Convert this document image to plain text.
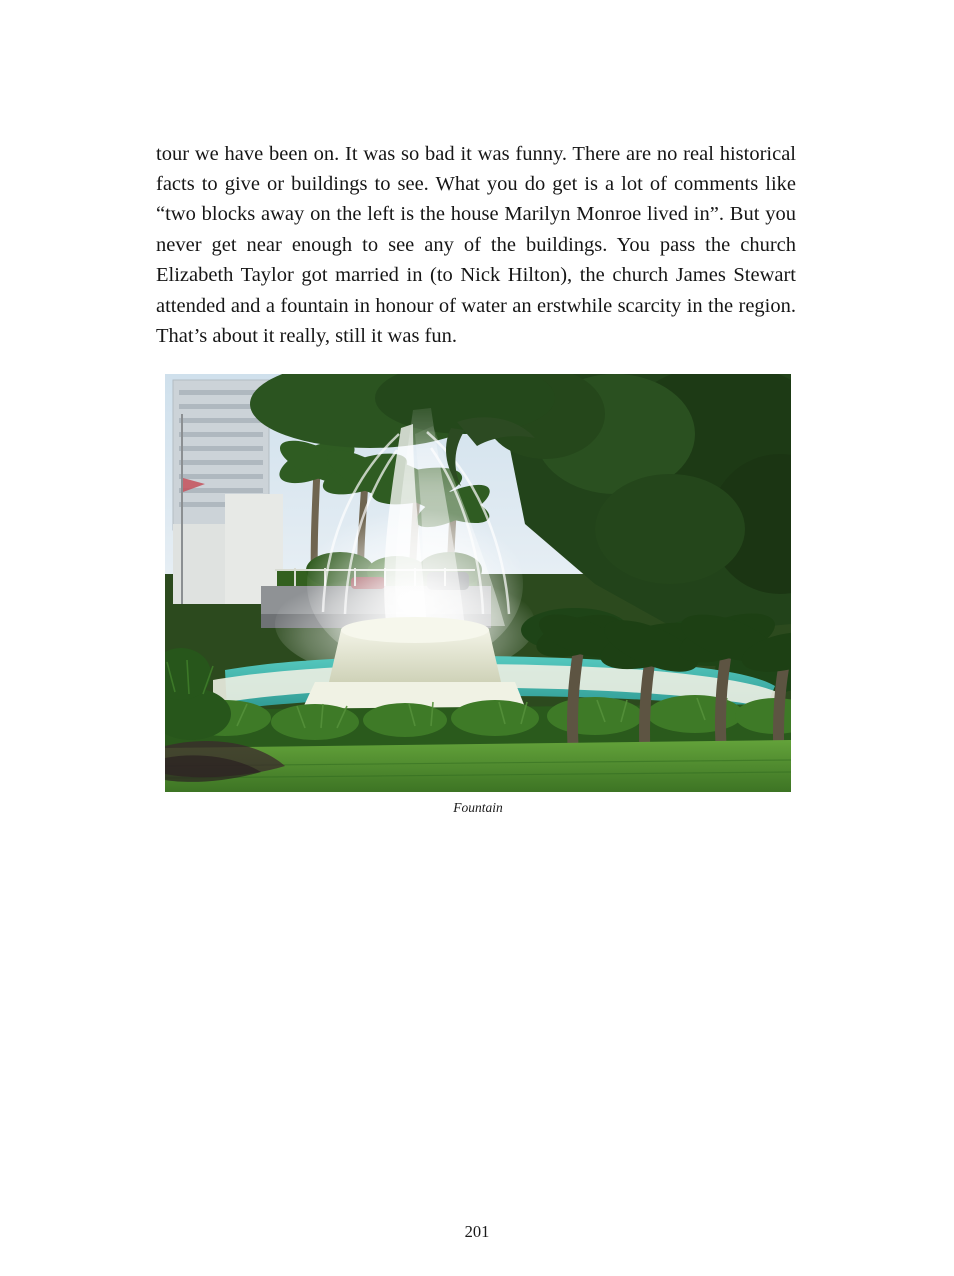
tour we have been on. It was so bad it was funny. There are no real historical facts to give or buildings to see. What you do get is a lot of comments like “two blocks away on the left is the house Marilyn Monroe lived in”. But you never get near enough to see any of the buildings. You pass the church Elizabeth Taylor got married in (to Nick Hilton), the church James Stewart attended and a fountain in honour of water an erstwhile scarcity in the region. That’s about it really, still it was fun.

Fountain
201
